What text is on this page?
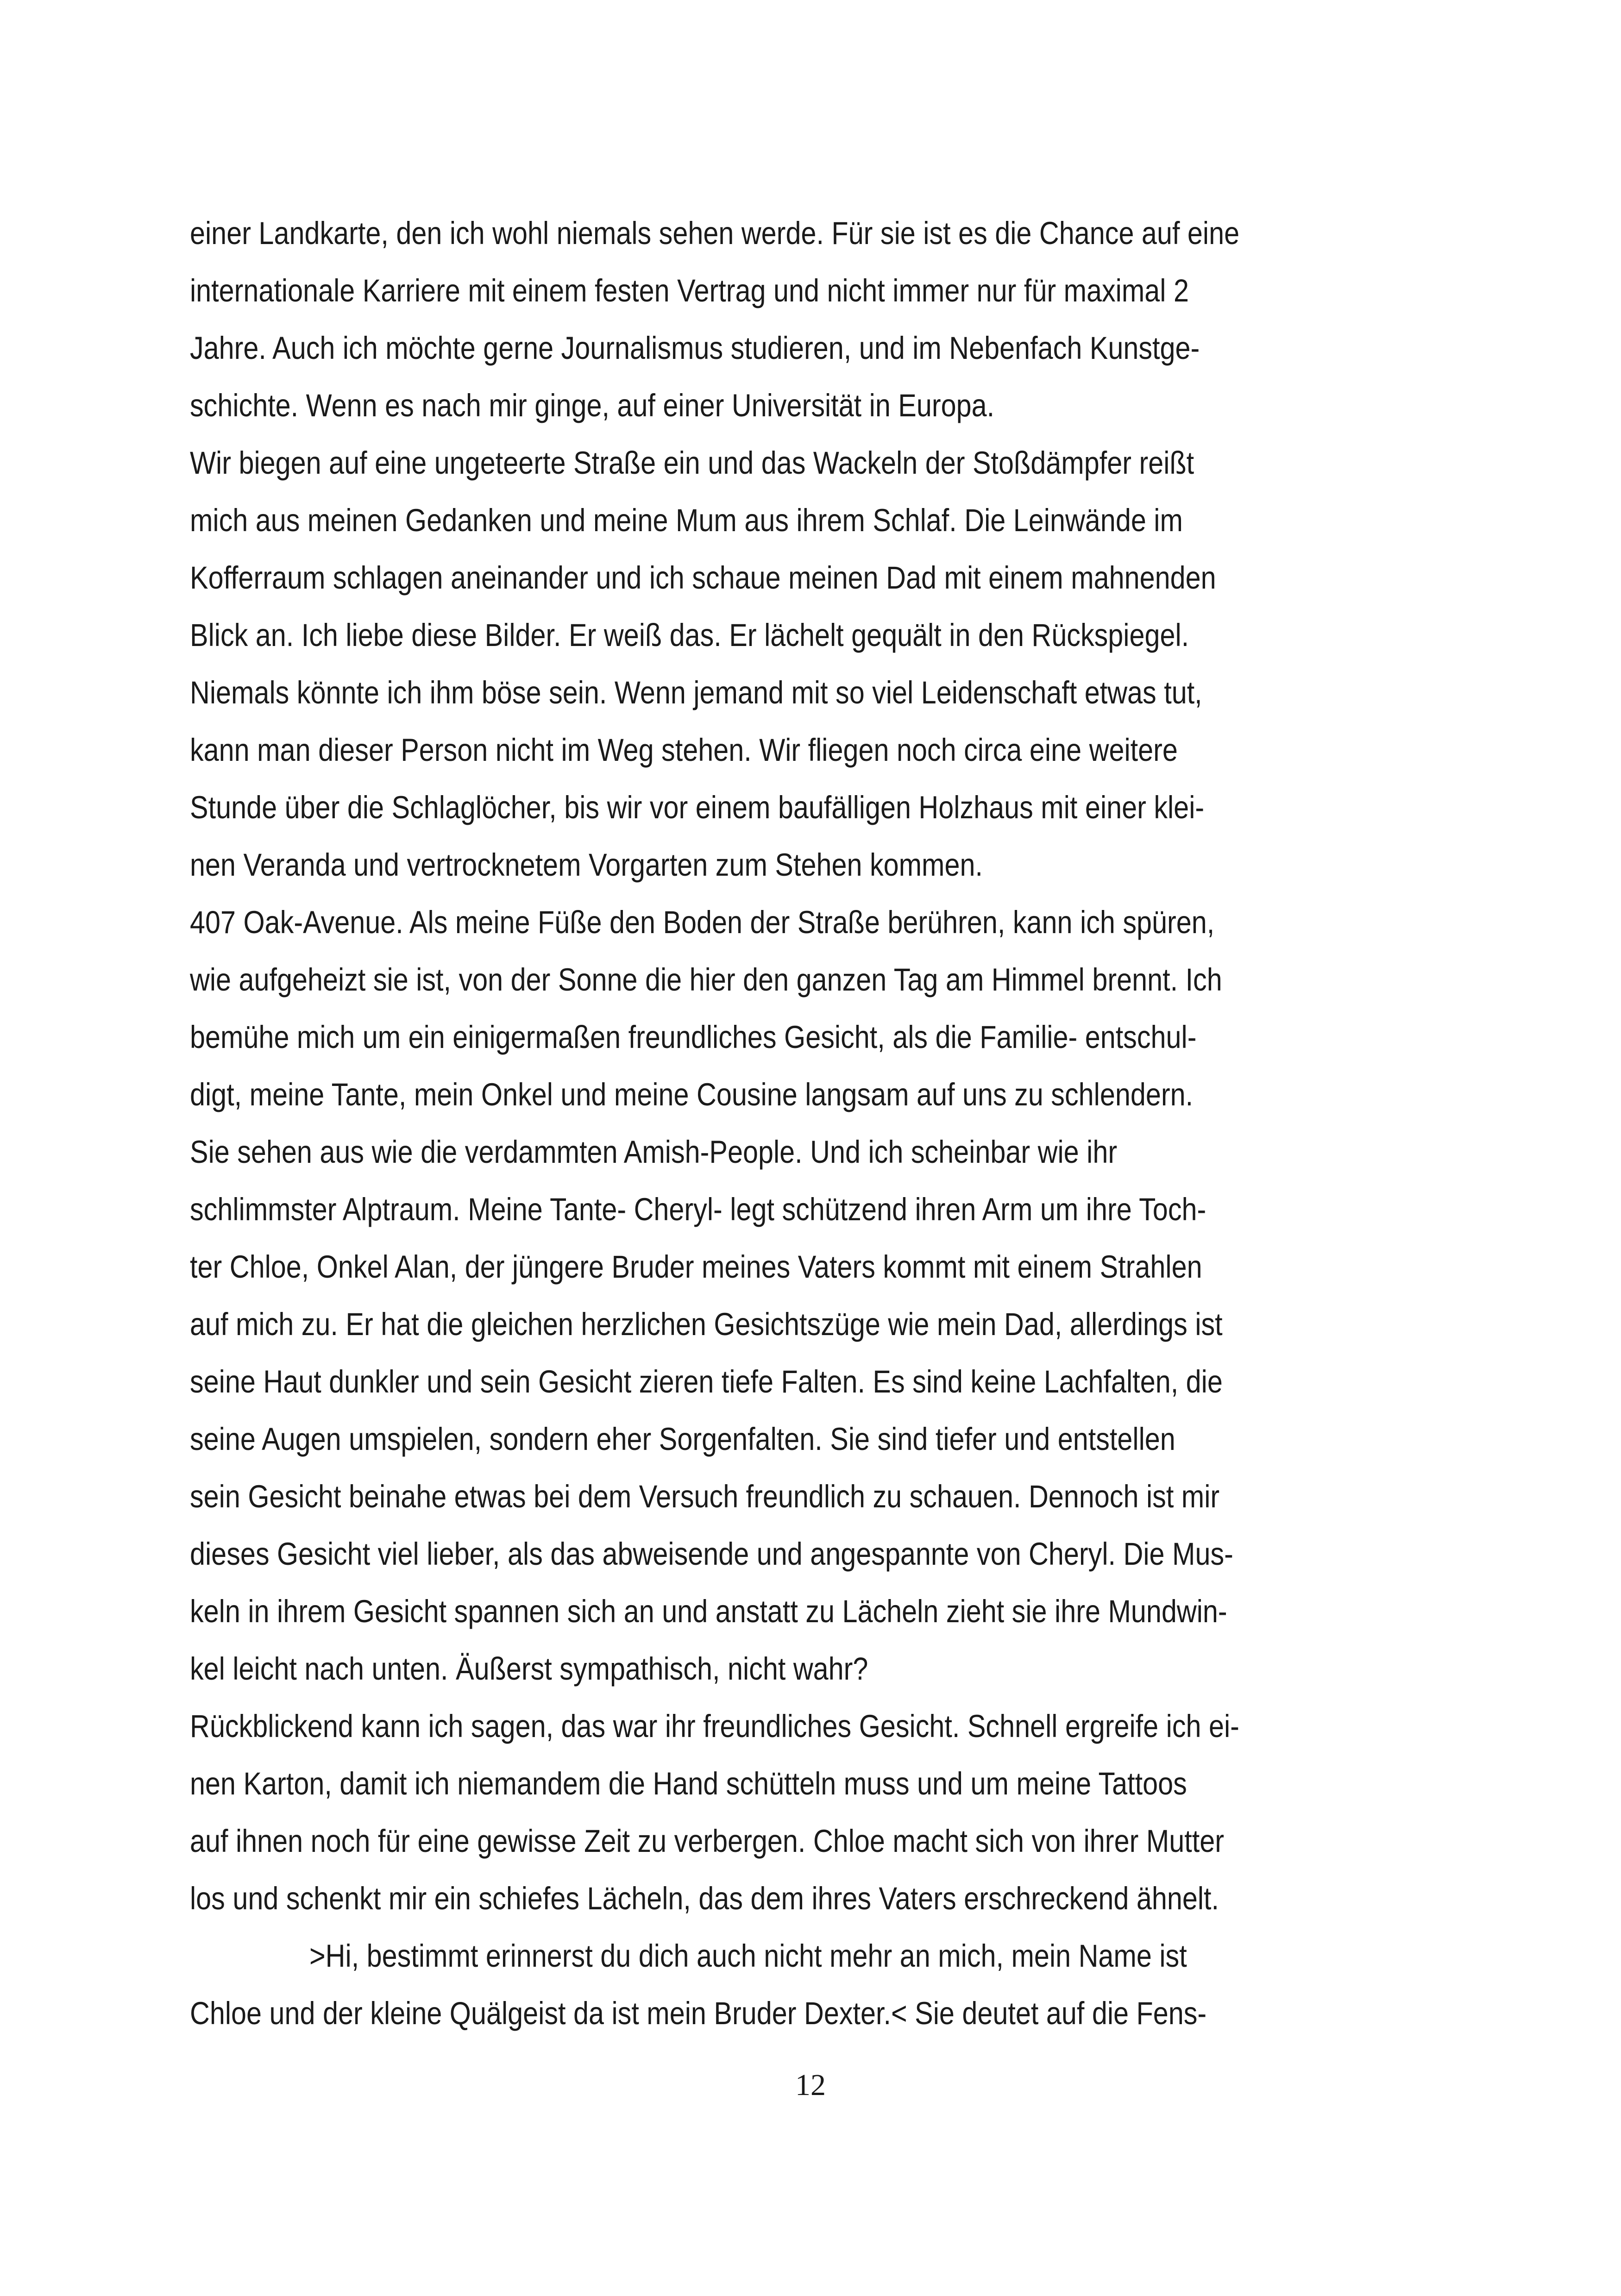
einer Landkarte, den ich wohl niemals sehen werde. Für sie ist es die Chance auf eine
internationale Karriere mit einem festen Vertrag und nicht immer nur für maximal 2
Jahre. Auch ich möchte gerne Journalismus studieren, und im Nebenfach Kunstge-
schichte. Wenn es nach mir ginge, auf einer Universität in Europa.
Wir biegen auf eine ungeteerte Straße ein und das Wackeln der Stoßdämpfer reißt
mich aus meinen Gedanken und meine Mum aus ihrem Schlaf. Die Leinwände im
Kofferraum schlagen aneinander und ich schaue meinen Dad mit einem mahnenden
Blick an. Ich liebe diese Bilder. Er weiß das. Er lächelt gequält in den Rückspiegel.
Niemals könnte ich ihm böse sein. Wenn jemand mit so viel Leidenschaft etwas tut,
kann man dieser Person nicht im Weg stehen. Wir fliegen noch circa eine weitere
Stunde über die Schlaglöcher, bis wir vor einem baufälligen Holzhaus mit einer klei-
nen Veranda und vertrocknetem Vorgarten zum Stehen kommen.
407 Oak-Avenue. Als meine Füße den Boden der Straße berühren, kann ich spüren,
wie aufgeheizt sie ist, von der Sonne die hier den ganzen Tag am Himmel brennt. Ich
bemühe mich um ein einigermaßen freundliches Gesicht, als die Familie- entschul-
digt, meine Tante, mein Onkel und meine Cousine langsam auf uns zu schlendern.
Sie sehen aus wie die verdammten Amish-People. Und ich scheinbar wie ihr
schlimmster Alptraum. Meine Tante- Cheryl- legt schützend ihren Arm um ihre Toch-
ter Chloe, Onkel Alan, der jüngere Bruder meines Vaters kommt mit einem Strahlen
auf mich zu. Er hat die gleichen herzlichen Gesichtszüge wie mein Dad, allerdings ist
seine Haut dunkler und sein Gesicht zieren tiefe Falten. Es sind keine Lachfalten, die
seine Augen umspielen, sondern eher Sorgenfalten. Sie sind tiefer und entstellen
sein Gesicht beinahe etwas bei dem Versuch freundlich zu schauen. Dennoch ist mir
dieses Gesicht viel lieber, als das abweisende und angespannte von Cheryl. Die Mus-
keln in ihrem Gesicht spannen sich an und anstatt zu Lächeln zieht sie ihre Mundwin-
kel leicht nach unten. Äußerst sympathisch, nicht wahr?
Rückblickend kann ich sagen, das war ihr freundliches Gesicht. Schnell ergreife ich ei-
nen Karton, damit ich niemandem die Hand schütteln muss und um meine Tattoos
auf ihnen noch für eine gewisse Zeit zu verbergen. Chloe macht sich von ihrer Mutter
los und schenkt mir ein schiefes Lächeln, das dem ihres Vaters erschreckend ähnelt.
>Hi, bestimmt erinnerst du dich auch nicht mehr an mich, mein Name ist
Chloe und der kleine Quälgeist da ist mein Bruder Dexter.< Sie deutet auf die Fens-
12
